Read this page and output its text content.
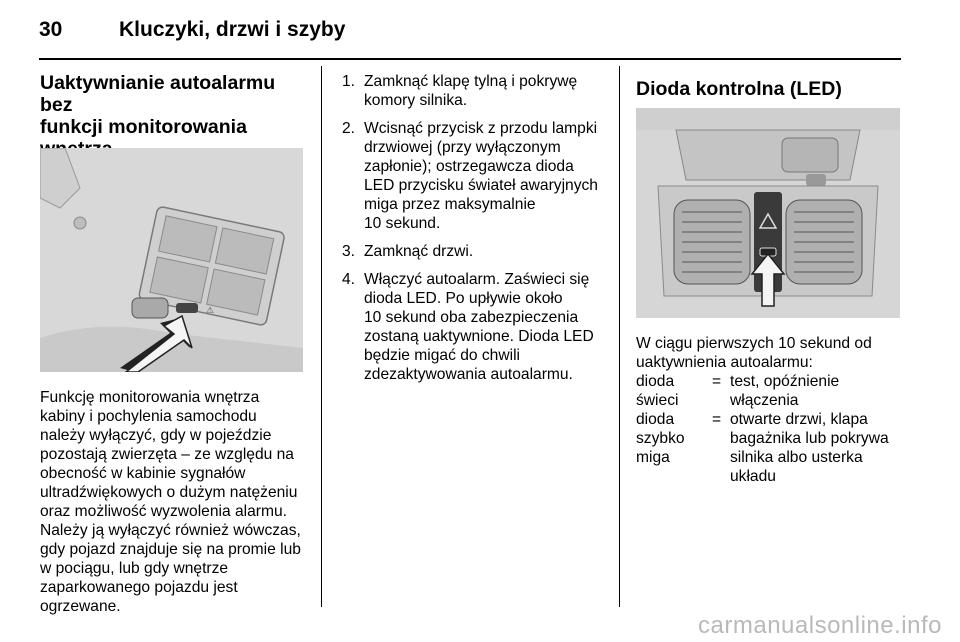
30	Kluczyki, drzwi i szyby
Uaktywnianie autoalarmu bez
funkcji monitorowania

⚠

Funkcję monitorowania wnętrza

kabiny i pochylenia samochodu

należy wyłączyć, gdy w pojeździe

pozostają zwierzęta – ze względu na

obecność w kabinie sygnałów

ultradźwiękowych o dużym natężeniu

oraz możliwość wyzwolenia alarmu.

Należy ją wyłączyć również wówczas,

gdy pojazd znajduje się na promie lub

w pociągu, lub gdy wnętrze

zaparkowanego pojazdu jest

ogrzewane.

1. Zamknąć klapę tylną i pokrywę
komory silnika.
2. Wcisnąć przycisk z przodu lampki
drzwiowej (przy wyłączonym
zapłonie); ostrzegawcza dioda
LED przycisku świateł awaryjnych
miga przez maksymalnie
10 sekund.
3. Zamknąć drzwi.
4. Włączyć autoalarm. Zaświeci się
dioda LED. Po upływie około
10 sekund oba zabezpieczenia
zostaną uaktywnione. Dioda LED
będzie migać do chwili
zdezaktywowania autoalarmu.
Dioda kontrolna (LED)

W ciągu pierwszych 10 sekund od

uaktywnienia autoalarmu:

dioda
świeci
= test, opóźnienie
włączenia
dioda
szybko
miga
= otwarte drzwi, klapa
bagażnika lub pokrywa
silnika albo usterka
układu
carmanualsonline.info
